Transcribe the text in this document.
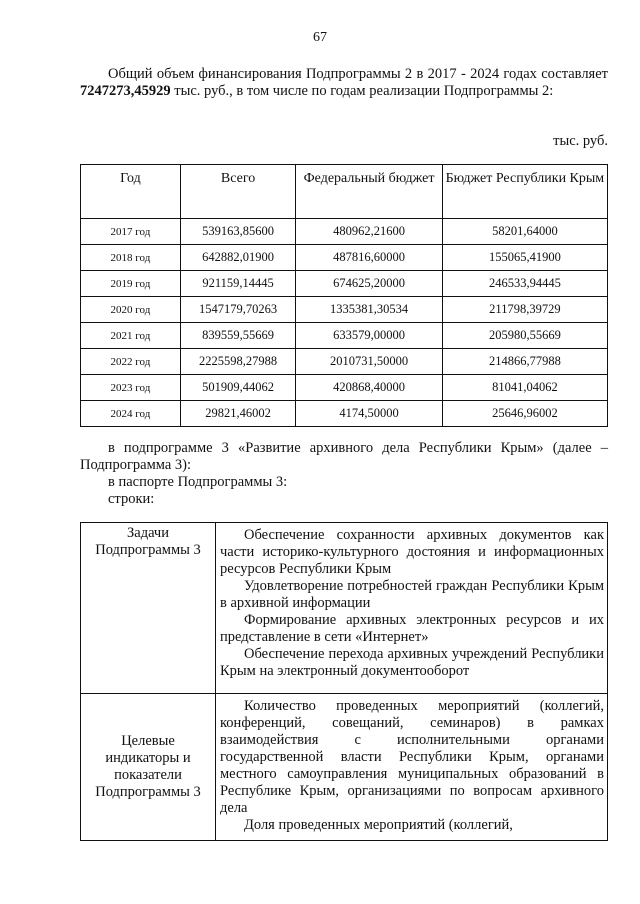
67
Общий объем финансирования Подпрограммы 2 в 2017 - 2024 годах составляет 7247273,45929 тыс. руб., в том числе по годам реализации Подпрограммы 2:
тыс. руб.
Год	Всего	Федеральный бюджет	Бюджет Республики Крым
2017 год	539163,85600	480962,21600	58201,64000
2018 год	642882,01900	487816,60000	155065,41900
2019 год	921159,14445	674625,20000	246533,94445
2020 год	1547179,70263	1335381,30534	211798,39729
2021 год	839559,55669	633579,00000	205980,55669
2022 год	2225598,27988	2010731,50000	214866,77988
2023 год	501909,44062	420868,40000	81041,04062
2024 год	29821,46002	4174,50000	25646,96002
в подпрограмме 3 «Развитие архивного дела Республики Крым» (далее – Подпрограмма 3):
в паспорте Подпрограммы 3:
строки:
Задачи Подпрограммы 3	Обеспечение сохранности архивных документов как части историко-культурного достояния и информационных ресурсов Республики Крым

Удовлетворение потребностей граждан Республики Крым в архивной информации

Формирование архивных электронных ресурсов и их представление в сети «Интернет»

Обеспечение перехода архивных учреждений Республики Крым на электронный документооборот

Целевые индикаторы и показатели Подпрограммы 3	Количество проведенных мероприятий (коллегий, конференций, совещаний, семинаров) в рамках взаимодействия с исполнительными органами государственной власти Республики Крым, органами местного самоуправления муниципальных образований в Республике Крым, организациями по вопросам архивного дела

Доля проведенных мероприятий (коллегий,
